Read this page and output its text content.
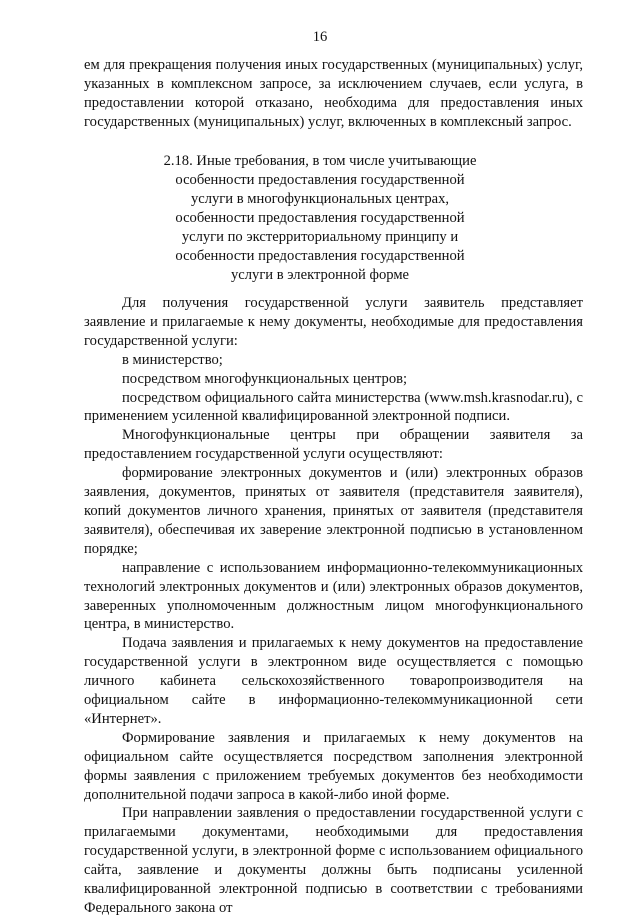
16

ем для прекращения получения иных государственных (муниципальных) услуг, указанных в комплексном запросе, за исключением случаев, если услуга, в предоставлении которой отказано, необходима для предоставления иных государственных (муниципальных) услуг, включенных в комплексный запрос.

2.18. Иные требования, в том числе учитывающие
особенности предоставления государственной
услуги в многофункциональных центрах,
особенности предоставления государственной
услуги по экстерриториальному принципу и
особенности предоставления государственной
услуги в электронной форме

Для получения государственной услуги заявитель представляет заявление и прилагаемые к нему документы, необходимые для предоставления государственной услуги:

в министерство;

посредством многофункциональных центров;

посредством официального сайта министерства (www.msh.krasnodar.ru), с применением усиленной квалифицированной электронной подписи.

Многофункциональные центры при обращении заявителя за предоставлением государственной услуги осуществляют:

формирование электронных документов и (или) электронных образов заявления, документов, принятых от заявителя (представителя заявителя), копий документов личного хранения, принятых от заявителя (представителя заявителя), обеспечивая их заверение электронной подписью в установленном порядке;

направление с использованием информационно-телекоммуникационных технологий электронных документов и (или) электронных образов документов, заверенных уполномоченным должностным лицом многофункционального центра, в министерство.

Подача заявления и прилагаемых к нему документов на предоставление государственной услуги в электронном виде осуществляется с помощью личного кабинета сельскохозяйственного товаропроизводителя на официальном сайте в информационно-телекоммуникационной сети «Интернет».

Формирование заявления и прилагаемых к нему документов на официальном сайте осуществляется посредством заполнения электронной формы заявления с приложением требуемых документов без необходимости дополнительной подачи запроса в какой-либо иной форме.

При направлении заявления о предоставлении государственной услуги с прилагаемыми документами, необходимыми для предоставления государственной услуги, в электронной форме с использованием официального сайта, заявление и документы должны быть подписаны усиленной квалифицированной электронной подписью в соответствии с требованиями Федерального закона от
